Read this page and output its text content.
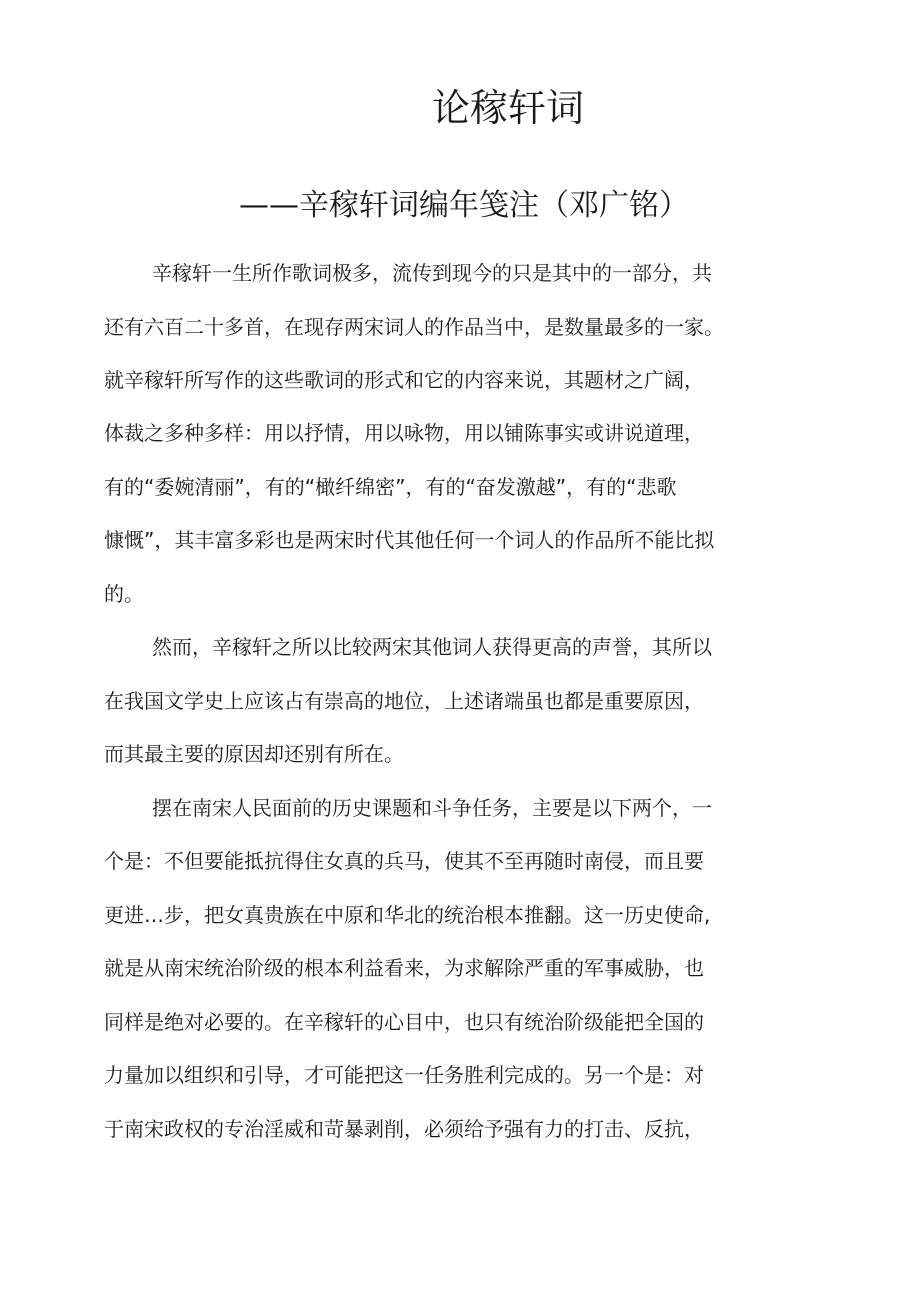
论稼轩词
——辛稼轩词编年笺注（邓广铭）

辛稼轩一生所作歌词极多，流传到现今的只是其中的一部分，共

还有六百二十多首，在现存两宋词人的作品当中，是数量最多的一家。

就辛稼轩所写作的这些歌词的形式和它的内容来说，其题材之广阔，

体裁之多种多样：用以抒情，用以咏物，用以铺陈事实或讲说道理，

有的“委婉清丽”，有的“橄纤绵密”，有的“奋发激越”，有的“悲歌

慷慨”，其丰富多彩也是两宋时代其他任何一个词人的作品所不能比拟

的。

然而，辛稼轩之所以比较两宋其他词人获得更高的声誉，其所以

在我国文学史上应该占有崇高的地位，上述诸端虽也都是重要原因，

而其最主要的原因却还别有所在。

摆在南宋人民面前的历史课题和斗争任务，主要是以下两个，一

个是：不但要能抵抗得住女真的兵马，使其不至再随时南侵，而且要

更进…步，把女真贵族在中原和华北的统治根本推翻。这一历史使命,

就是从南宋统治阶级的根本利益看来，为求解除严重的军事威胁，也

同样是绝对必要的。在辛稼轩的心目中，也只有统治阶级能把全国的

力量加以组织和引导，才可能把这一任务胜利完成的。另一个是：对

于南宋政权的专治淫威和苛暴剥削，必须给予强有力的打击、反抗，
